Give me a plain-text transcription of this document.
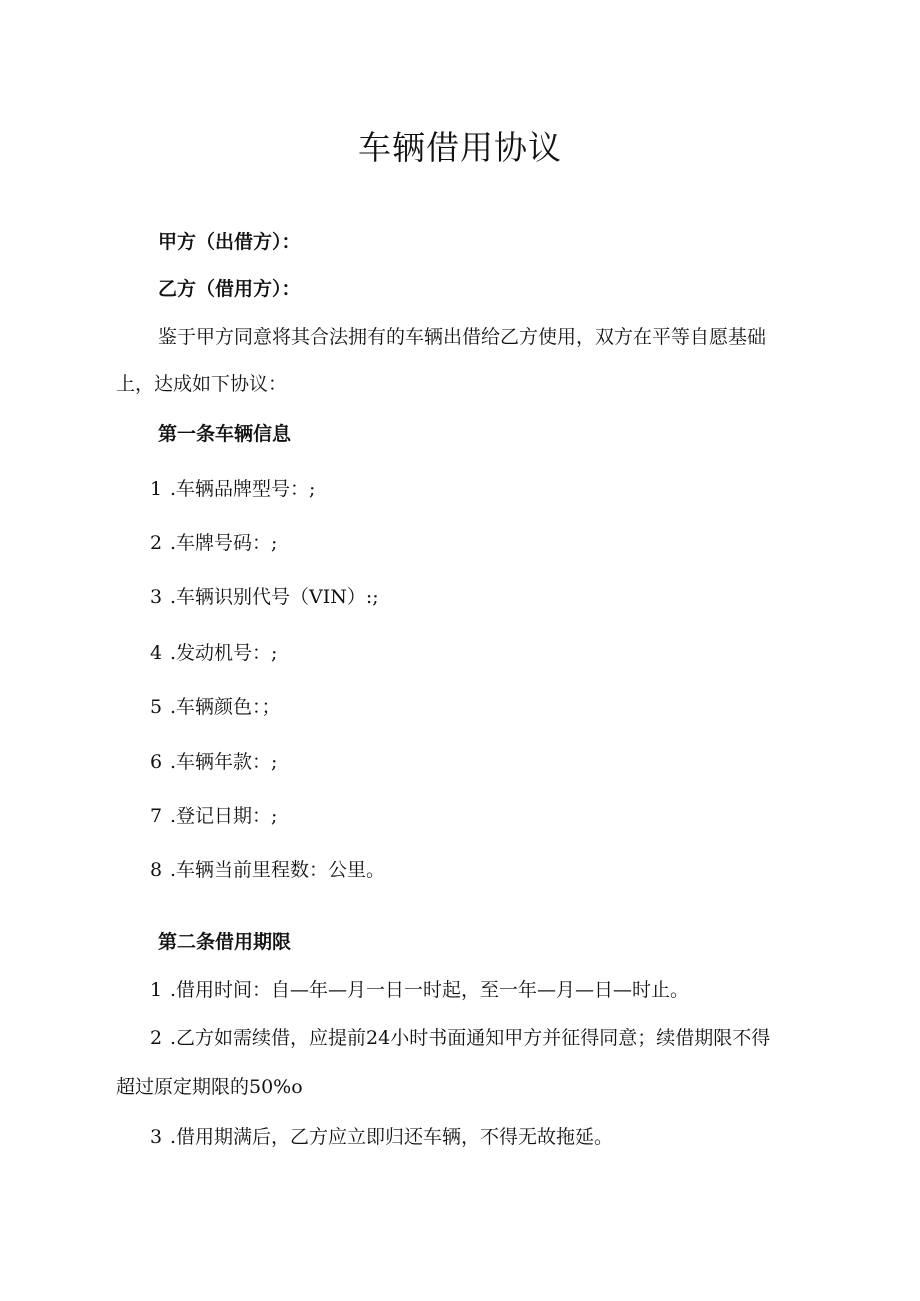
车辆借用协议
甲方（出借方）：
乙方（借用方）：
鉴于甲方同意将其合法拥有的车辆出借给乙方使用，双方在平等自愿基础
上，达成如下协议：
第一条车辆信息
1 .车辆品牌型号：;
2 .车牌号码：;
3 .车辆识别代号（VIN）:;
4 .发动机号：;
5 .车辆颜色：；
6 .车辆年款：;
7 .登记日期：;
8 .车辆当前里程数：公里。
第二条借用期限
1 .借用时间：自—年—月一日一时起，至一年—月—日—时止。
2 .乙方如需续借，应提前24小时书面通知甲方并征得同意；续借期限不得
超过原定期限的50%o
3 .借用期满后，乙方应立即归还车辆，不得无故拖延。
